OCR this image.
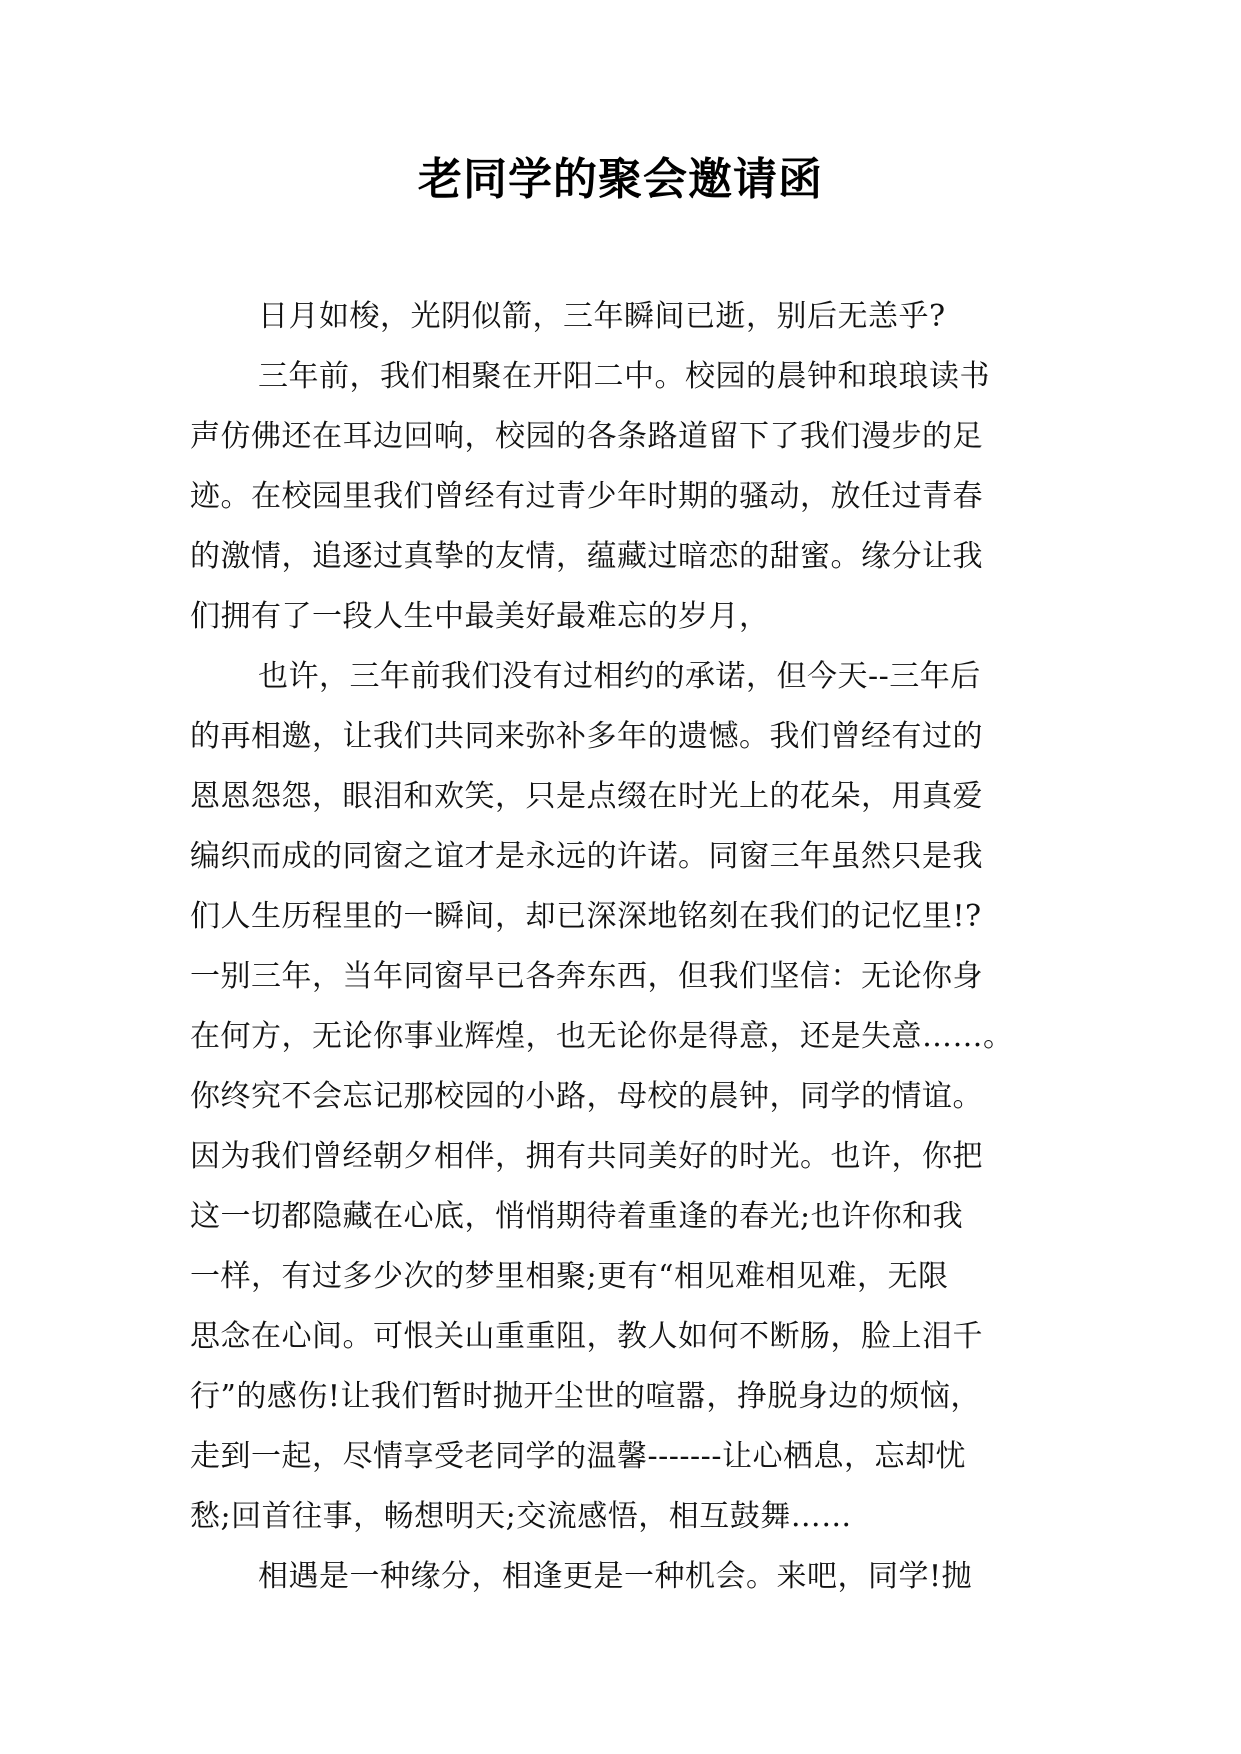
老同学的聚会邀请函
日月如梭，光阴似箭，三年瞬间已逝，别后无恙乎?
三年前，我们相聚在开阳二中。校园的晨钟和琅琅读书
声仿佛还在耳边回响，校园的各条路道留下了我们漫步的足
迹。在校园里我们曾经有过青少年时期的骚动，放任过青春
的激情，追逐过真挚的友情，蕴藏过暗恋的甜蜜。缘分让我
们拥有了一段人生中最美好最难忘的岁月，
也许，三年前我们没有过相约的承诺，但今天--三年后
的再相邀，让我们共同来弥补多年的遗憾。我们曾经有过的
恩恩怨怨，眼泪和欢笑，只是点缀在时光上的花朵，用真爱
编织而成的同窗之谊才是永远的许诺。同窗三年虽然只是我
们人生历程里的一瞬间，却已深深地铭刻在我们的记忆里!?
一别三年，当年同窗早已各奔东西，但我们坚信：无论你身
在何方，无论你事业辉煌，也无论你是得意，还是失意……。
你终究不会忘记那校园的小路，母校的晨钟，同学的情谊。
因为我们曾经朝夕相伴，拥有共同美好的时光。也许，你把
这一切都隐藏在心底，悄悄期待着重逢的春光;也许你和我
一样，有过多少次的梦里相聚;更有“相见难相见难，无限
思念在心间。可恨关山重重阻，教人如何不断肠，脸上泪千
行”的感伤!让我们暂时抛开尘世的喧嚣，挣脱身边的烦恼，
走到一起，尽情享受老同学的温馨-------让心栖息，忘却忧
愁;回首往事，畅想明天;交流感悟，相互鼓舞……
相遇是一种缘分，相逢更是一种机会。来吧，同学!抛
